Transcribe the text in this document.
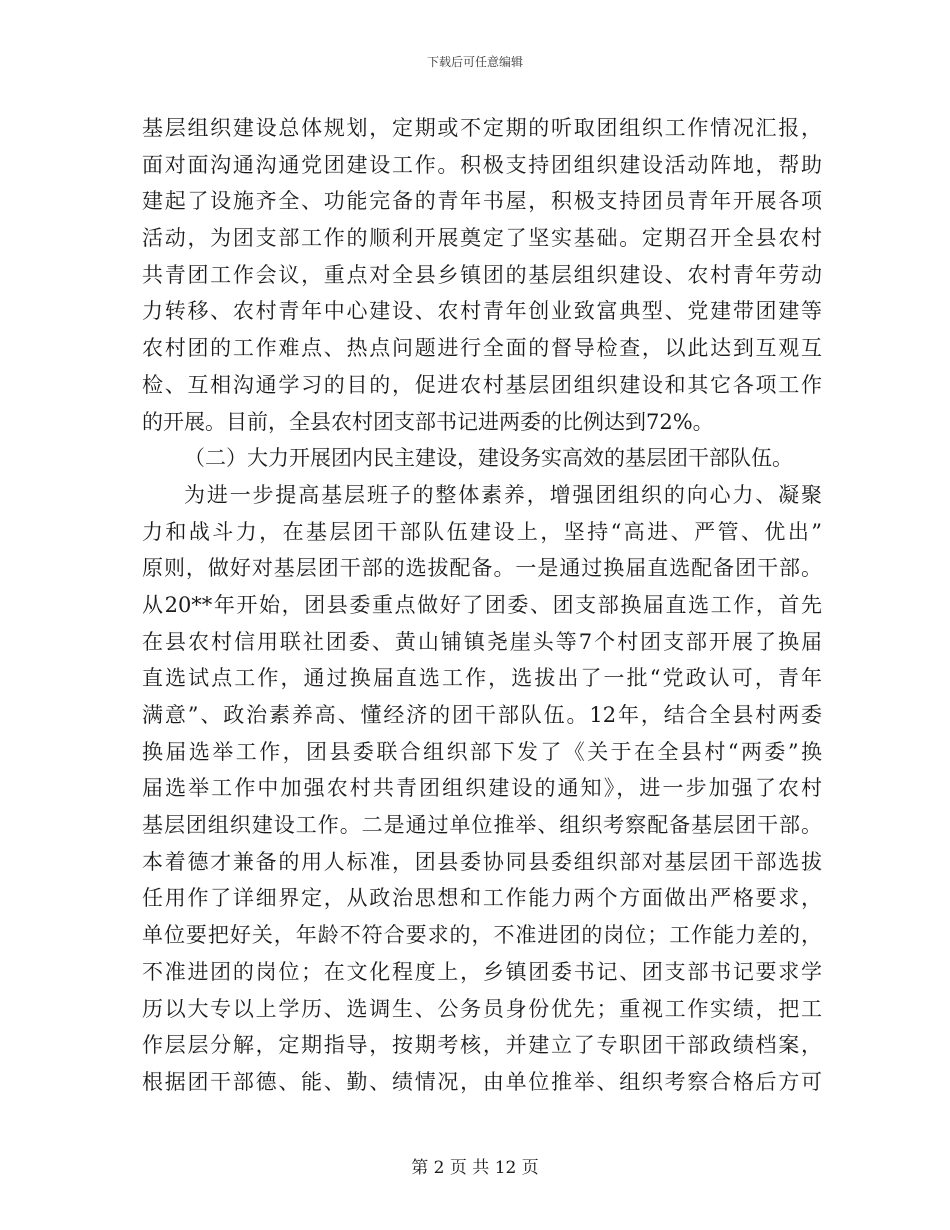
下载后可任意编辑
基层组织建设总体规划，定期或不定期的听取团组织工作情况汇报，
面对面沟通沟通党团建设工作。积极支持团组织建设活动阵地，帮助
建起了设施齐全、功能完备的青年书屋，积极支持团员青年开展各项
活动，为团支部工作的顺利开展奠定了坚实基础。定期召开全县农村
共青团工作会议，重点对全县乡镇团的基层组织建设、农村青年劳动
力转移、农村青年中心建设、农村青年创业致富典型、党建带团建等
农村团的工作难点、热点问题进行全面的督导检查，以此达到互观互
检、互相沟通学习的目的，促进农村基层团组织建设和其它各项工作
的开展。目前，全县农村团支部书记进两委的比例达到72%。
（二）大力开展团内民主建设，建设务实高效的基层团干部队伍。
为进一步提高基层班子的整体素养，增强团组织的向心力、凝聚
力和战斗力，在基层团干部队伍建设上，坚持“高进、严管、优出”
原则，做好对基层团干部的选拔配备。一是通过换届直选配备团干部。
从20**年开始，团县委重点做好了团委、团支部换届直选工作，首先
在县农村信用联社团委、黄山铺镇尧崖头等7个村团支部开展了换届
直选试点工作，通过换届直选工作，选拔出了一批“党政认可，青年
满意”、政治素养高、懂经济的团干部队伍。12年，结合全县村两委
换届选举工作，团县委联合组织部下发了《关于在全县村“两委”换
届选举工作中加强农村共青团组织建设的通知》，进一步加强了农村
基层团组织建设工作。二是通过单位推举、组织考察配备基层团干部。
本着德才兼备的用人标准，团县委协同县委组织部对基层团干部选拔
任用作了详细界定，从政治思想和工作能力两个方面做出严格要求，
单位要把好关，年龄不符合要求的，不准进团的岗位；工作能力差的，
不准进团的岗位；在文化程度上，乡镇团委书记、团支部书记要求学
历以大专以上学历、选调生、公务员身份优先；重视工作实绩，把工
作层层分解，定期指导，按期考核，并建立了专职团干部政绩档案，
根据团干部德、能、勤、绩情况，由单位推举、组织考察合格后方可
第 2 页 共 12 页
